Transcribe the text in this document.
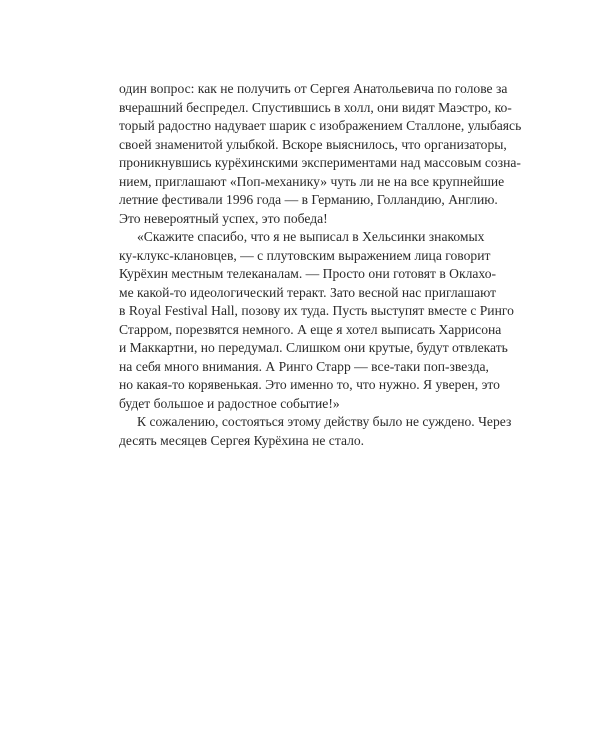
один вопрос: как не получить от Сергея Анатольевича по голове за
вчерашний беспредел. Спустившись в холл, они видят Маэстро, ко-
торый радостно надувает шарик с изображением Сталлоне, улыбаясь
своей знаменитой улыбкой. Вскоре выяснилось, что организаторы,
проникнувшись курёхинскими экспериментами над массовым созна-
нием, приглашают «Поп-механику» чуть ли не на все крупнейшие
летние фестивали 1996 года — в Германию, Голландию, Англию.
Это невероятный успех, это победа!
«Скажите спасибо, что я не выписал в Хельсинки знакомых
ку-клукс-клановцев, — с плутовским выражением лица говорит
Курёхин местным телеканалам. — Просто они готовят в Оклахо-
ме какой-то идеологический теракт. Зато весной нас приглашают
в Royal Festival Hall, позову их туда. Пусть выступят вместе с Ринго
Старром, порезвятся немного. А еще я хотел выписать Харрисона
и Маккартни, но передумал. Слишком они крутые, будут отвлекать
на себя много внимания. А Ринго Старр — все-таки поп-звезда,
но какая-то корявенькая. Это именно то, что нужно. Я уверен, это
будет большое и радостное событие!»
К сожалению, состояться этому действу было не суждено. Через
десять месяцев Сергея Курёхина не стало.
